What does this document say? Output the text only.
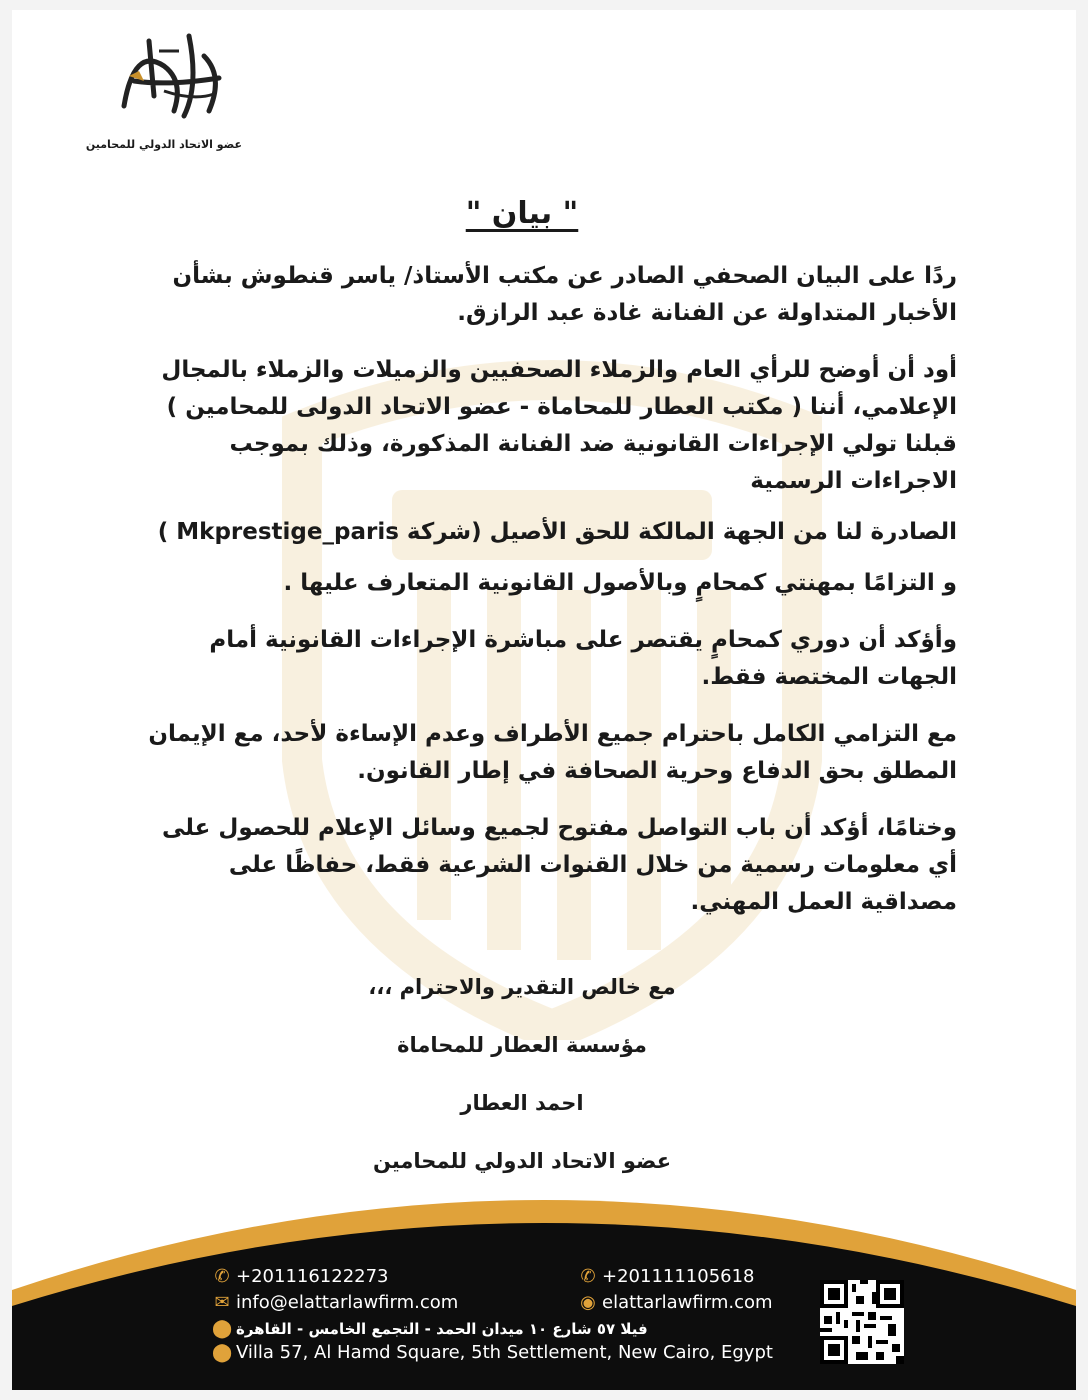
عضو الاتحاد الدولي للمحامين
" بيان "

ردًا على البيان الصحفي الصادر عن مكتب الأستاذ/ ياسر قنطوش بشأن الأخبار المتداولة عن الفنانة غادة عبد الرازق.

أود أن أوضح للرأي العام والزملاء الصحفيين والزميلات والزملاء بالمجال الإعلامي، أننا ( مكتب العطار للمحاماة - عضو الاتحاد الدولى للمحامين ) قبلنا تولي الإجراءات القانونية ضد الفنانة المذكورة، وذلك بموجب الاجراءات الرسمية

الصادرة لنا من الجهة المالكة للحق الأصيل (شركة Mkprestige_paris )

و التزامًا بمهنتي كمحامٍ وبالأصول القانونية المتعارف عليها .

وأؤكد أن دوري كمحامٍ يقتصر على مباشرة الإجراءات القانونية أمام الجهات المختصة فقط.

مع التزامي الكامل باحترام جميع الأطراف وعدم الإساءة لأحد، مع الإيمان المطلق بحق الدفاع وحرية الصحافة في إطار القانون.

وختامًا، أؤكد أن باب التواصل مفتوح لجميع وسائل الإعلام للحصول على أي معلومات رسمية من خلال القنوات الشرعية فقط، حفاظًا على مصداقية العمل المهني.

مع خالص التقدير والاحترام ،،،
مؤسسة العطار للمحاماة
احمد العطار
عضو الاتحاد الدولي للمحامين
✆ +201116122273	✆ +201111105618
✉ info@elattarlawfirm.com	◉ elattarlawfirm.com
⬤ فيلا ٥٧ شارع ١٠ ميدان الحمد - التجمع الخامس - القاهرة
⬤ Villa 57, Al Hamd Square, 5th Settlement, New Cairo, Egypt
